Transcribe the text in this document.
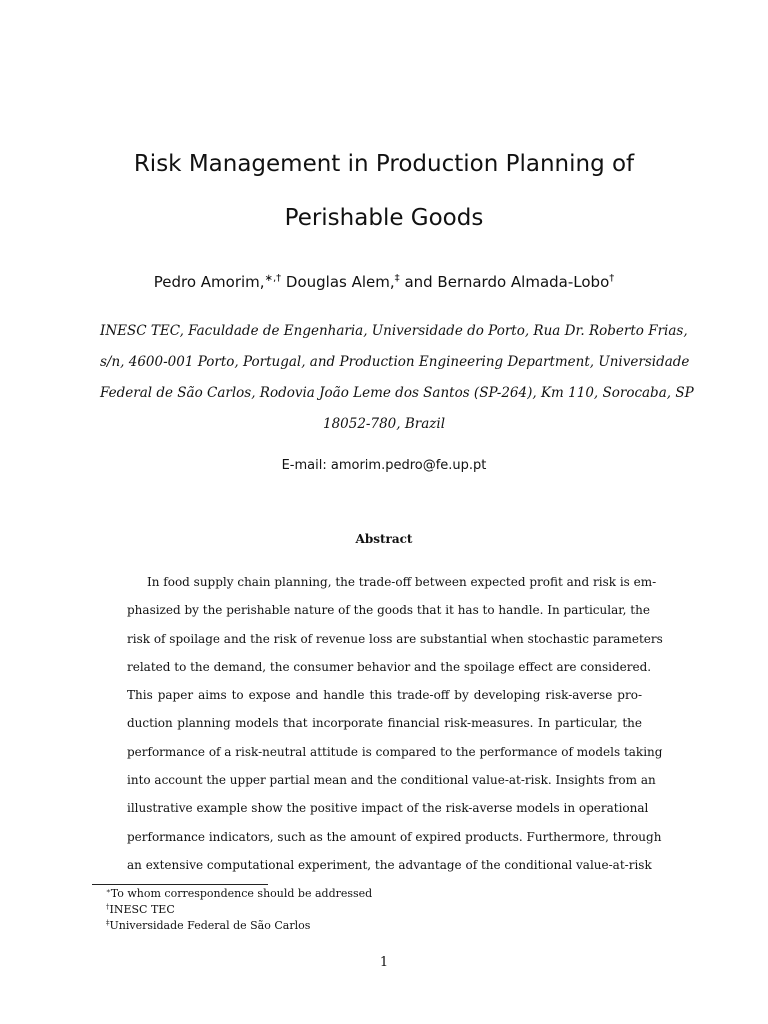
Risk Management in Production Planning of
Perishable Goods
Pedro Amorim,∗,† Douglas Alem,‡ and Bernardo Almada-Lobo†
INESC TEC, Faculdade de Engenharia, Universidade do Porto, Rua Dr. Roberto Frias,
s/n, 4600-001 Porto, Portugal, and Production Engineering Department, Universidade
Federal de São Carlos, Rodovia João Leme dos Santos (SP-264), Km 110, Sorocaba, SP
18052-780, Brazil
E-mail: amorim.pedro@fe.up.pt
Abstract
In food supply chain planning, the trade-off between expected profit and risk is em-
phasized by the perishable nature of the goods that it has to handle. In particular, the
risk of spoilage and the risk of revenue loss are substantial when stochastic parameters
related to the demand, the consumer behavior and the spoilage effect are considered.
This paper aims to expose and handle this trade-off by developing risk-averse pro-
duction planning models that incorporate financial risk-measures. In particular, the
performance of a risk-neutral attitude is compared to the performance of models taking
into account the upper partial mean and the conditional value-at-risk. Insights from an
illustrative example show the positive impact of the risk-averse models in operational
performance indicators, such as the amount of expired products. Furthermore, through
an extensive computational experiment, the advantage of the conditional value-at-risk
∗To whom correspondence should be addressed
†INESC TEC
‡Universidade Federal de São Carlos
1
